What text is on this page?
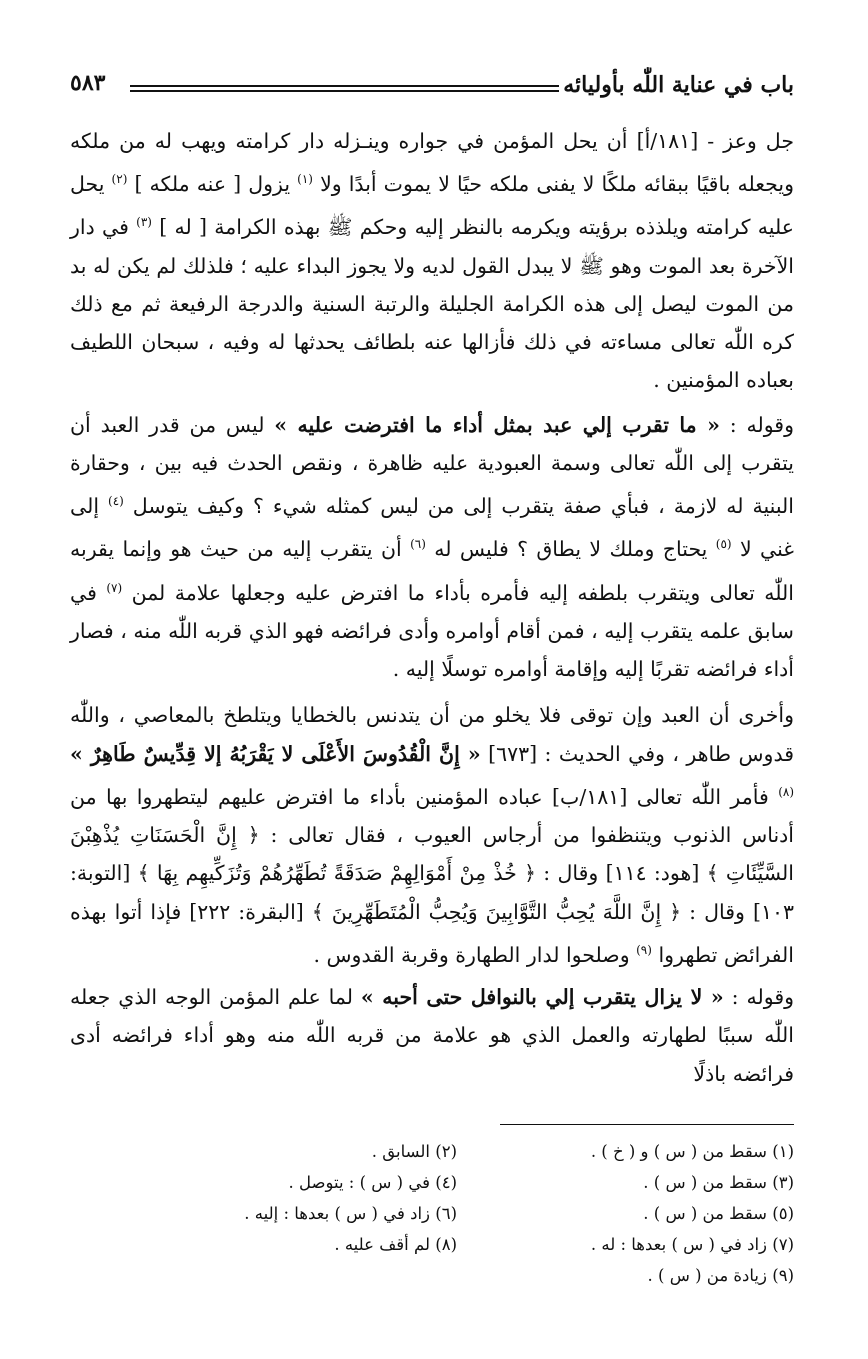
باب في عناية اللّٰه بأوليائه
٥٨٣

جل وعز - [١٨١/أ] أن يحل المؤمن في جواره وينـزله دار كرامته ويهب له من ملكه ويجعله باقيًا ببقائه ملكًا لا يفنى ملكه حيًا لا يموت أبدًا ولا $^{(١)}$ يزول [ عنه ملكه ] $^{(٢)}$ يحل عليه كرامته ويلذذه برؤيته ويكرمه بالنظر إليه وحكم ﷺ بهذه الكرامة [ له ] $^{(٣)}$ في دار الآخرة بعد الموت وهو ﷺ لا يبدل القول لديه ولا يجوز البداء عليه ؛ فلذلك لم يكن له بد من الموت ليصل إلى هذه الكرامة الجليلة والرتبة السنية والدرجة الرفيعة ثم مع ذلك كره اللّٰه تعالى مساءته في ذلك فأزالها عنه بلطائف يحدثها له وفيه ، سبحان اللطيف بعباده المؤمنين .

وقوله : « ما تقرب إلي عبد بمثل أداء ما افترضت عليه » ليس من قدر العبد أن يتقرب إلى اللّٰه تعالى وسمة العبودية عليه ظاهرة ، ونقص الحدث فيه بين ، وحقارة البنية له لازمة ، فبأي صفة يتقرب إلى من ليس كمثله شيء ؟ وكيف يتوسل $^{(٤)}$ إلى غني لا $^{(٥)}$ يحتاج وملك لا يطاق ؟ فليس له $^{(٦)}$ أن يتقرب إليه من حيث هو وإنما يقربه اللّٰه تعالى ويتقرب بلطفه إليه فأمره بأداء ما افترض عليه وجعلها علامة لمن $^{(٧)}$ في سابق علمه يتقرب إليه ، فمن أقام أوامره وأدى فرائضه فهو الذي قربه اللّٰه منه ، فصار أداء فرائضه تقربًا إليه وإقامة أوامره توسلًا إليه .

وأخرى أن العبد وإن توقى فلا يخلو من أن يتدنس بالخطايا ويتلطخ بالمعاصي ، واللّٰه قدوس طاهر ، وفي الحديث : [٦٧٣] « إِنَّ الْقُدُوسَ الأَعْلَى لا يَقْرَبُهُ إلا قِدِّيسٌ طَاهِرٌ » $^{(٨)}$ فأمر اللّٰه تعالى [١٨١/ب] عباده المؤمنين بأداء ما افترض عليهم ليتطهروا بها من أدناس الذنوب ويتنظفوا من أرجاس العيوب ، فقال تعالى : ﴿ إِنَّ الْحَسَنَاتِ يُذْهِبْنَ السَّيِّئَاتِ ﴾ [هود: ١١٤] وقال : ﴿ خُذْ مِنْ أَمْوَالِهِمْ صَدَقَةً تُطَهِّرُهُمْ وَتُزَكِّيهِم بِهَا ﴾ [التوبة: ١٠٣] وقال : ﴿ إِنَّ اللَّهَ يُحِبُّ التَّوَّابِينَ وَيُحِبُّ الْمُتَطَهِّرِينَ ﴾ [البقرة: ٢٢٢] فإذا أتوا بهذه الفرائض تطهروا $^{(٩)}$ وصلحوا لدار الطهارة وقربة القدوس .

وقوله : « لا يزال يتقرب إلي بالنوافل حتى أحبه » لما علم المؤمن الوجه الذي جعله اللّٰه سببًا لطهارته والعمل الذي هو علامة من قربه اللّٰه منه وهو أداء فرائضه أدى فرائضه باذلًا

(١) سقط من ( س ) و ( خ ) .
(٢) السابق .
(٣) سقط من ( س ) .
(٤) في ( س ) : يتوصل .
(٥) سقط من ( س ) .
(٦) زاد في ( س ) بعدها : إليه .
(٧) زاد في ( س ) بعدها : له .
(٨) لم أقف عليه .
(٩) زيادة من ( س ) .
